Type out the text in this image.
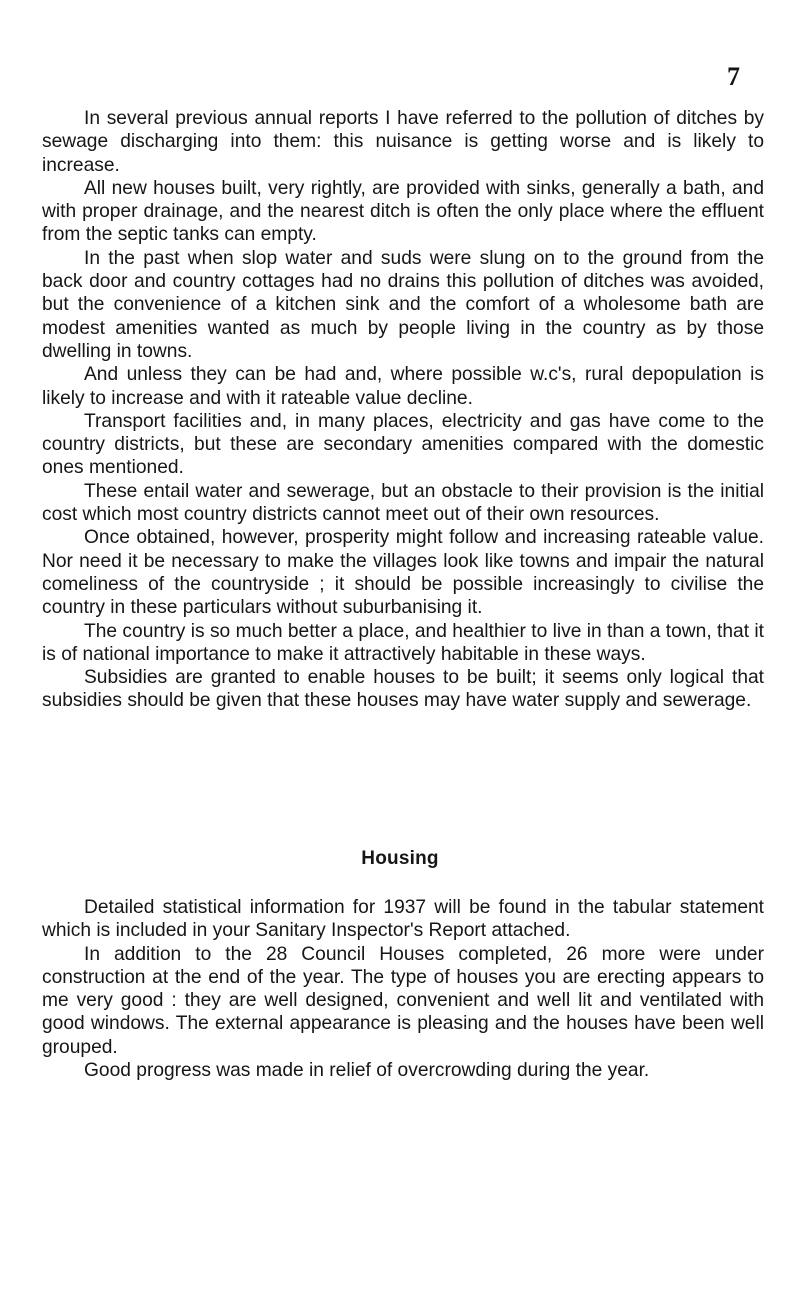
7

In several previous annual reports I have referred to the pollution of ditches by sewage discharging into them: this nuisance is getting worse and is likely to increase.

All new houses built, very rightly, are provided with sinks, generally a bath, and with proper drainage, and the nearest ditch is often the only place where the effluent from the septic tanks can empty.

In the past when slop water and suds were slung on to the ground from the back door and country cottages had no drains this pollution of ditches was avoided, but the convenience of a kitchen sink and the comfort of a wholesome bath are modest amenities wanted as much by people living in the country as by those dwelling in towns.

And unless they can be had and, where possible w.c's, rural depopulation is likely to increase and with it rateable value decline.

Transport facilities and, in many places, electricity and gas have come to the country districts, but these are secondary amenities compared with the domestic ones mentioned.

These entail water and sewerage, but an obstacle to their provision is the initial cost which most country districts cannot meet out of their own resources.

Once obtained, however, prosperity might follow and increasing rateable value. Nor need it be necessary to make the villages look like towns and impair the natural comeliness of the countryside ; it should be possible increasingly to civilise the country in these particulars without suburbanising it.

The country is so much better a place, and healthier to live in than a town, that it is of national importance to make it attractively habitable in these ways.

Subsidies are granted to enable houses to be built; it seems only logical that subsidies should be given that these houses may have water supply and sewerage.

Housing

Detailed statistical information for 1937 will be found in the tabular statement which is included in your Sanitary Inspector's Report attached.

In addition to the 28 Council Houses completed, 26 more were under construction at the end of the year. The type of houses you are erecting appears to me very good : they are well designed, convenient and well lit and ventilated with good windows. The external appearance is pleasing and the houses have been well grouped.

Good progress was made in relief of overcrowding during the year.
